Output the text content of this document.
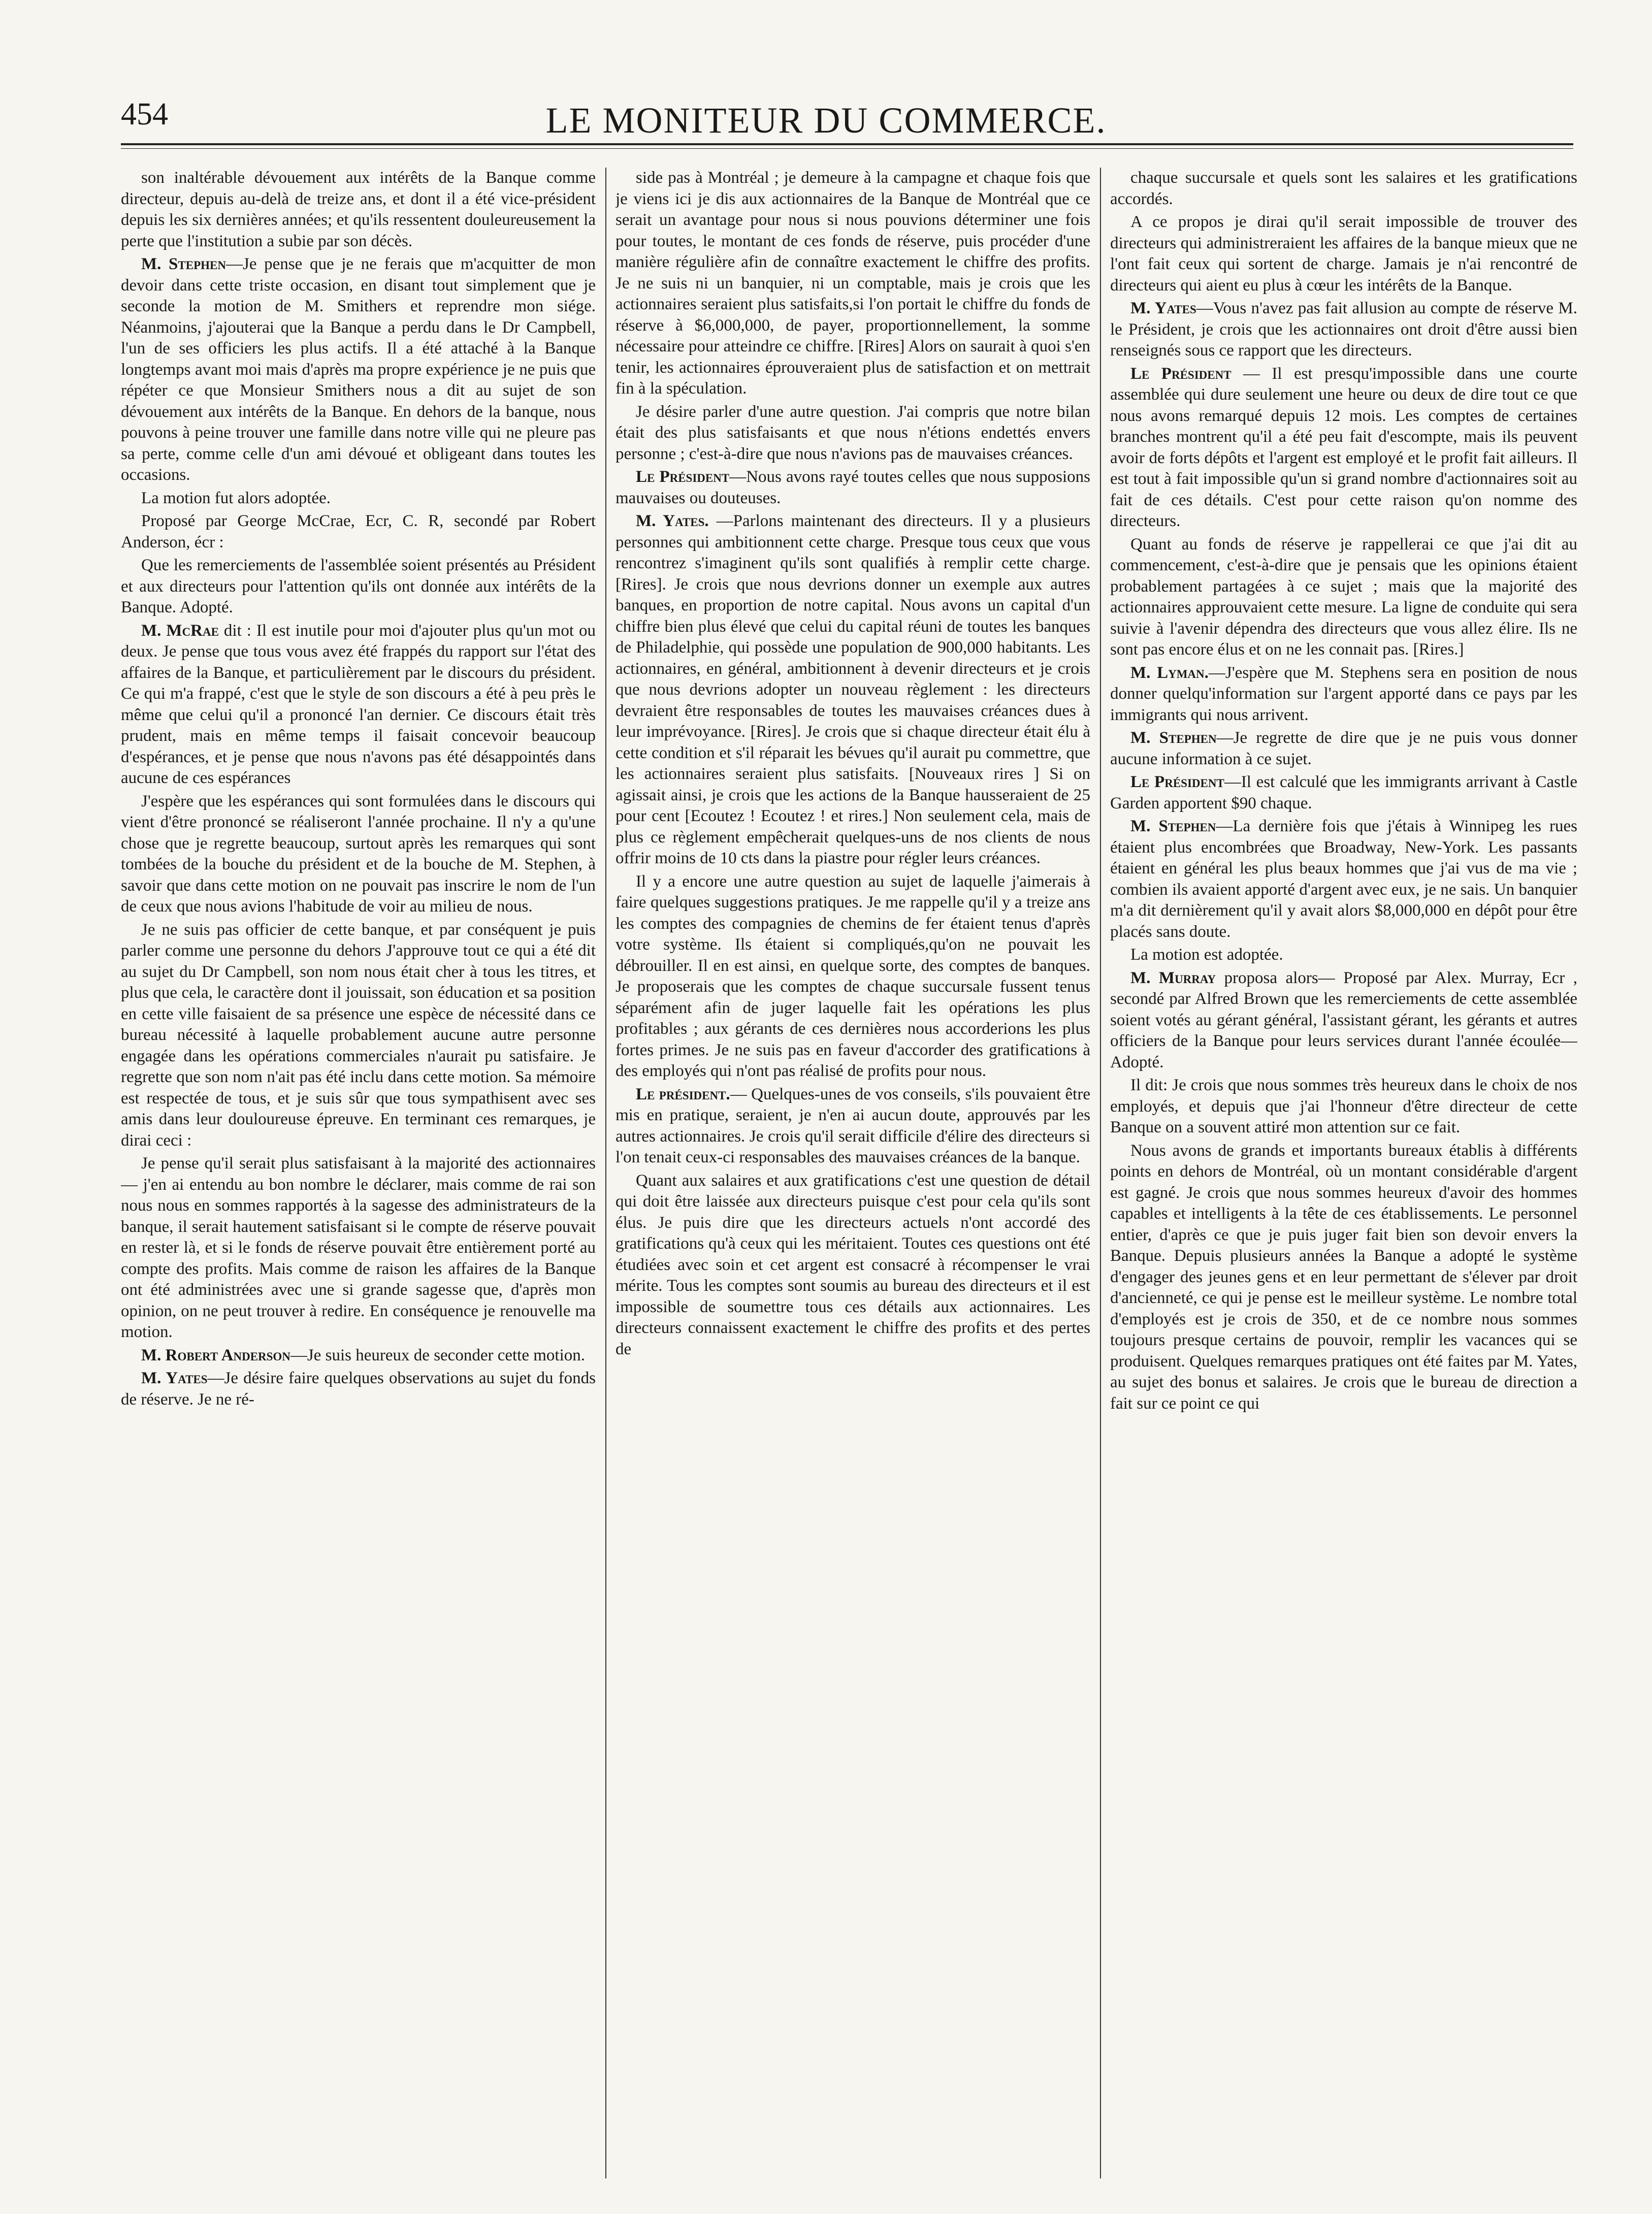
454	LE MONITEUR DU COMMERCE.

son inaltérable dévouement aux intérêts de la Banque comme directeur, depuis au-delà de treize ans, et dont il a été vice-président depuis les six dernières années; et qu'ils ressentent douleureusement la perte que l'institution a subie par son décès.

M. Stephen—Je pense que je ne ferais que m'acquitter de mon devoir dans cette triste occasion, en disant tout simplement que je seconde la motion de M. Smithers et reprendre mon siége. Néanmoins, j'ajouterai que la Banque a perdu dans le Dr Campbell, l'un de ses officiers les plus actifs. Il a été attaché à la Banque longtemps avant moi mais d'après ma propre expérience je ne puis que répéter ce que Monsieur Smithers nous a dit au sujet de son dévouement aux intérêts de la Banque. En dehors de la banque, nous pouvons à peine trouver une famille dans notre ville qui ne pleure pas sa perte, comme celle d'un ami dévoué et obligeant dans toutes les occasions.

La motion fut alors adoptée.

Proposé par George McCrae, Ecr, C. R, secondé par Robert Anderson, écr :

Que les remerciements de l'assemblée soient présentés au Président et aux directeurs pour l'attention qu'ils ont donnée aux intérêts de la Banque. Adopté.

M. McRae dit : Il est inutile pour moi d'ajouter plus qu'un mot ou deux. Je pense que tous vous avez été frappés du rapport sur l'état des affaires de la Banque, et particulièrement par le discours du président. Ce qui m'a frappé, c'est que le style de son discours a été à peu près le même que celui qu'il a prononcé l'an dernier. Ce discours était très prudent, mais en même temps il faisait concevoir beaucoup d'espérances, et je pense que nous n'avons pas été désappointés dans aucune de ces espérances

J'espère que les espérances qui sont formulées dans le discours qui vient d'être prononcé se réaliseront l'année prochaine. Il n'y a qu'une chose que je regrette beaucoup, surtout après les remarques qui sont tombées de la bouche du président et de la bouche de M. Stephen, à savoir que dans cette motion on ne pouvait pas inscrire le nom de l'un de ceux que nous avions l'habitude de voir au milieu de nous.

Je ne suis pas officier de cette banque, et par conséquent je puis parler comme une personne du dehors J'approuve tout ce qui a été dit au sujet du Dr Campbell, son nom nous était cher à tous les titres, et plus que cela, le caractère dont il jouissait, son éducation et sa position en cette ville faisaient de sa présence une espèce de nécessité dans ce bureau nécessité à laquelle probablement aucune autre personne engagée dans les opérations commerciales n'aurait pu satisfaire. Je regrette que son nom n'ait pas été inclu dans cette motion. Sa mémoire est respectée de tous, et je suis sûr que tous sympathisent avec ses amis dans leur douloureuse épreuve. En terminant ces remarques, je dirai ceci :

Je pense qu'il serait plus satisfaisant à la majorité des actionnaires — j'en ai entendu au bon nombre le déclarer, mais comme de rai son nous nous en sommes rapportés à la sagesse des administrateurs de la banque, il serait hautement satisfaisant si le compte de réserve pouvait en rester là, et si le fonds de réserve pouvait être entièrement porté au compte des profits. Mais comme de raison les affaires de la Banque ont été administrées avec une si grande sagesse que, d'après mon opinion, on ne peut trouver à redire. En conséquence je renouvelle ma motion.

M. Robert Anderson—Je suis heureux de seconder cette motion.

M. Yates—Je désire faire quelques observations au sujet du fonds de réserve. Je ne ré-

side pas à Montréal ; je demeure à la campagne et chaque fois que je viens ici je dis aux actionnaires de la Banque de Montréal que ce serait un avantage pour nous si nous pouvions déterminer une fois pour toutes, le montant de ces fonds de réserve, puis procéder d'une manière régulière afin de connaître exactement le chiffre des profits. Je ne suis ni un banquier, ni un comptable, mais je crois que les actionnaires seraient plus satisfaits,si l'on portait le chiffre du fonds de réserve à $6,000,000, de payer, proportionnellement, la somme nécessaire pour atteindre ce chiffre. [Rires] Alors on saurait à quoi s'en tenir, les actionnaires éprouveraient plus de satisfaction et on mettrait fin à la spéculation.

Je désire parler d'une autre question. J'ai compris que notre bilan était des plus satisfaisants et que nous n'étions endettés envers personne ; c'est-à-dire que nous n'avions pas de mauvaises créances.

Le Président—Nous avons rayé toutes celles que nous supposions mauvaises ou douteuses.

M. Yates. —Parlons maintenant des directeurs. Il y a plusieurs personnes qui ambitionnent cette charge. Presque tous ceux que vous rencontrez s'imaginent qu'ils sont qualifiés à remplir cette charge. [Rires]. Je crois que nous devrions donner un exemple aux autres banques, en proportion de notre capital. Nous avons un capital d'un chiffre bien plus élevé que celui du capital réuni de toutes les banques de Philadelphie, qui possède une population de 900,000 habitants. Les actionnaires, en général, ambitionnent à devenir directeurs et je crois que nous devrions adopter un nouveau règlement : les directeurs devraient être responsables de toutes les mauvaises créances dues à leur imprévoyance. [Rires]. Je crois que si chaque directeur était élu à cette condition et s'il réparait les bévues qu'il aurait pu commettre, que les actionnaires seraient plus satisfaits. [Nouveaux rires ] Si on agissait ainsi, je crois que les actions de la Banque hausseraient de 25 pour cent [Ecoutez ! Ecoutez ! et rires.] Non seulement cela, mais de plus ce règlement empêcherait quelques-uns de nos clients de nous offrir moins de 10 cts dans la piastre pour régler leurs créances.

Il y a encore une autre question au sujet de laquelle j'aimerais à faire quelques suggestions pratiques. Je me rappelle qu'il y a treize ans les comptes des compagnies de chemins de fer étaient tenus d'après votre système. Ils étaient si compliqués,qu'on ne pouvait les débrouiller. Il en est ainsi, en quelque sorte, des comptes de banques. Je proposerais que les comptes de chaque succursale fussent tenus séparément afin de juger laquelle fait les opérations les plus profitables ; aux gérants de ces dernières nous accorderions les plus fortes primes. Je ne suis pas en faveur d'accorder des gratifications à des employés qui n'ont pas réalisé de profits pour nous.

Le président.— Quelques-unes de vos conseils, s'ils pouvaient être mis en pratique, seraient, je n'en ai aucun doute, approuvés par les autres actionnaires. Je crois qu'il serait difficile d'élire des directeurs si l'on tenait ceux-ci responsables des mauvaises créances de la banque.

Quant aux salaires et aux gratifications c'est une question de détail qui doit être laissée aux directeurs puisque c'est pour cela qu'ils sont élus. Je puis dire que les directeurs actuels n'ont accordé des gratifications qu'à ceux qui les méritaient. Toutes ces questions ont été étudiées avec soin et cet argent est consacré à récompenser le vrai mérite. Tous les comptes sont soumis au bureau des directeurs et il est impossible de soumettre tous ces détails aux actionnaires. Les directeurs connaissent exactement le chiffre des profits et des pertes de

chaque succursale et quels sont les salaires et les gratifications accordés.

A ce propos je dirai qu'il serait impossible de trouver des directeurs qui administreraient les affaires de la banque mieux que ne l'ont fait ceux qui sortent de charge. Jamais je n'ai rencontré de directeurs qui aient eu plus à cœur les intérêts de la Banque.

M. Yates—Vous n'avez pas fait allusion au compte de réserve M. le Président, je crois que les actionnaires ont droit d'être aussi bien renseignés sous ce rapport que les directeurs.

Le Président — Il est presqu'impossible dans une courte assemblée qui dure seulement une heure ou deux de dire tout ce que nous avons remarqué depuis 12 mois. Les comptes de certaines branches montrent qu'il a été peu fait d'escompte, mais ils peuvent avoir de forts dépôts et l'argent est employé et le profit fait ailleurs. Il est tout à fait impossible qu'un si grand nombre d'actionnaires soit au fait de ces détails. C'est pour cette raison qu'on nomme des directeurs.

Quant au fonds de réserve je rappellerai ce que j'ai dit au commencement, c'est-à-dire que je pensais que les opinions étaient probablement partagées à ce sujet ; mais que la majorité des actionnaires approuvaient cette mesure. La ligne de conduite qui sera suivie à l'avenir dépendra des directeurs que vous allez élire. Ils ne sont pas encore élus et on ne les connait pas. [Rires.]

M. Lyman.—J'espère que M. Stephens sera en position de nous donner quelqu'information sur l'argent apporté dans ce pays par les immigrants qui nous arrivent.

M. Stephen—Je regrette de dire que je ne puis vous donner aucune information à ce sujet.

Le Président—Il est calculé que les immigrants arrivant à Castle Garden apportent $90 chaque.

M. Stephen—La dernière fois que j'étais à Winnipeg les rues étaient plus encombrées que Broadway, New-York. Les passants étaient en général les plus beaux hommes que j'ai vus de ma vie ; combien ils avaient apporté d'argent avec eux, je ne sais. Un banquier m'a dit dernièrement qu'il y avait alors $8,000,000 en dépôt pour être placés sans doute.

La motion est adoptée.

M. Murray proposa alors— Proposé par Alex. Murray, Ecr , secondé par Alfred Brown que les remerciements de cette assemblée soient votés au gérant général, l'assistant gérant, les gérants et autres officiers de la Banque pour leurs services durant l'année écoulée—Adopté.

Il dit: Je crois que nous sommes très heureux dans le choix de nos employés, et depuis que j'ai l'honneur d'être directeur de cette Banque on a souvent attiré mon attention sur ce fait.

Nous avons de grands et importants bureaux établis à différents points en dehors de Montréal, où un montant considérable d'argent est gagné. Je crois que nous sommes heureux d'avoir des hommes capables et intelligents à la tête de ces établissements. Le personnel entier, d'après ce que je puis juger fait bien son devoir envers la Banque. Depuis plusieurs années la Banque a adopté le système d'engager des jeunes gens et en leur permettant de s'élever par droit d'ancienneté, ce qui je pense est le meilleur système. Le nombre total d'employés est je crois de 350, et de ce nombre nous sommes toujours presque certains de pouvoir, remplir les vacances qui se produisent. Quelques remarques pratiques ont été faites par M. Yates, au sujet des bonus et salaires. Je crois que le bureau de direction a fait sur ce point ce qui
